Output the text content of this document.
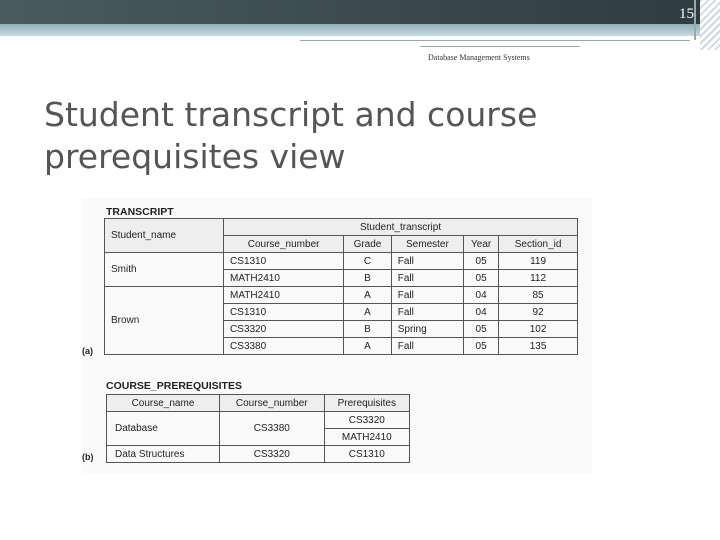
15
Database Management Systems
Student transcript and course prerequisites view
TRANSCRIPT
Student_name	Student_transcript				
	Course_number	Grade	Semester	Year	Section_id
Smith	CS1310	C	Fall	05	119
	MATH2410	B	Fall	05	112
Brown	MATH2410	A	Fall	04	85
	CS1310	A	Fall	04	92
	CS3320	B	Spring	05	102
	CS3380	A	Fall	05	135
(a)
COURSE_PREREQUISITES
Course_name	Course_number	Prerequisites
Database	CS3380	CS3320
		MATH2410
Data Structures	CS3320	CS1310
(b)
